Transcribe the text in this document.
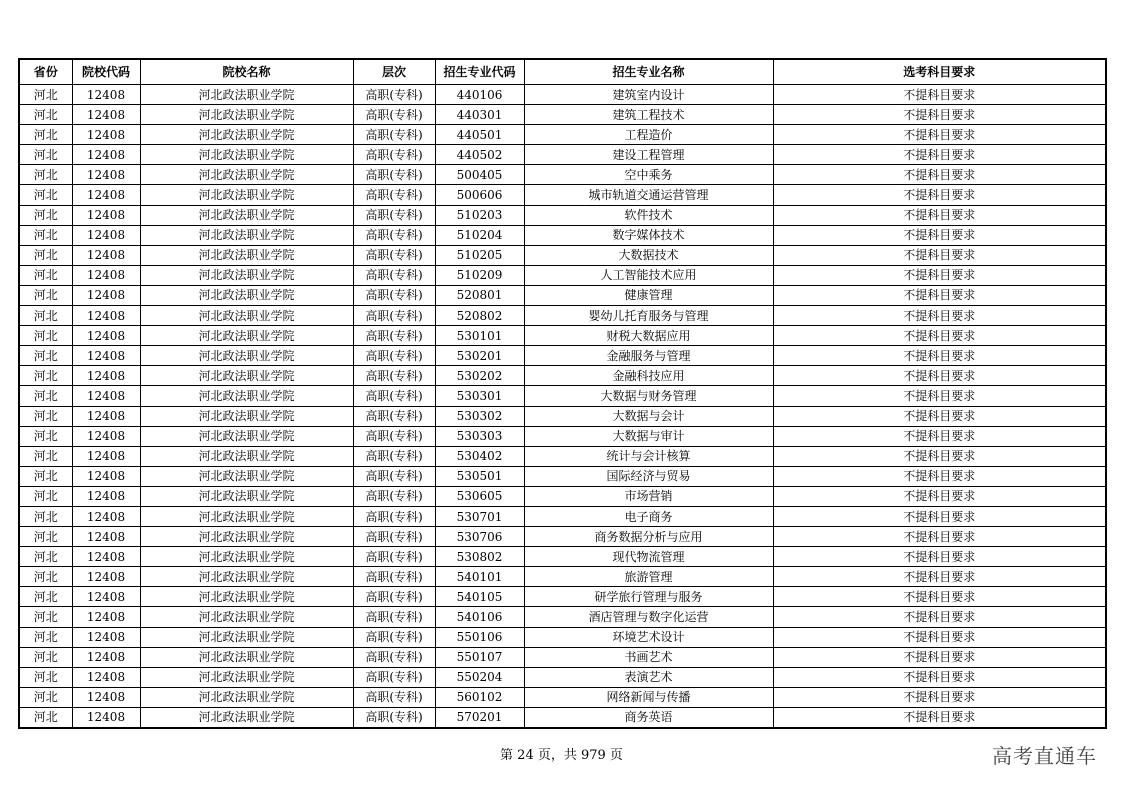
省份	院校代码	院校名称	层次	招生专业代码	招生专业名称	选考科目要求
河北	12408	河北政法职业学院	高职(专科)	440106	建筑室内设计	不提科目要求
河北	12408	河北政法职业学院	高职(专科)	440301	建筑工程技术	不提科目要求
河北	12408	河北政法职业学院	高职(专科)	440501	工程造价	不提科目要求
河北	12408	河北政法职业学院	高职(专科)	440502	建设工程管理	不提科目要求
河北	12408	河北政法职业学院	高职(专科)	500405	空中乘务	不提科目要求
河北	12408	河北政法职业学院	高职(专科)	500606	城市轨道交通运营管理	不提科目要求
河北	12408	河北政法职业学院	高职(专科)	510203	软件技术	不提科目要求
河北	12408	河北政法职业学院	高职(专科)	510204	数字媒体技术	不提科目要求
河北	12408	河北政法职业学院	高职(专科)	510205	大数据技术	不提科目要求
河北	12408	河北政法职业学院	高职(专科)	510209	人工智能技术应用	不提科目要求
河北	12408	河北政法职业学院	高职(专科)	520801	健康管理	不提科目要求
河北	12408	河北政法职业学院	高职(专科)	520802	婴幼儿托育服务与管理	不提科目要求
河北	12408	河北政法职业学院	高职(专科)	530101	财税大数据应用	不提科目要求
河北	12408	河北政法职业学院	高职(专科)	530201	金融服务与管理	不提科目要求
河北	12408	河北政法职业学院	高职(专科)	530202	金融科技应用	不提科目要求
河北	12408	河北政法职业学院	高职(专科)	530301	大数据与财务管理	不提科目要求
河北	12408	河北政法职业学院	高职(专科)	530302	大数据与会计	不提科目要求
河北	12408	河北政法职业学院	高职(专科)	530303	大数据与审计	不提科目要求
河北	12408	河北政法职业学院	高职(专科)	530402	统计与会计核算	不提科目要求
河北	12408	河北政法职业学院	高职(专科)	530501	国际经济与贸易	不提科目要求
河北	12408	河北政法职业学院	高职(专科)	530605	市场营销	不提科目要求
河北	12408	河北政法职业学院	高职(专科)	530701	电子商务	不提科目要求
河北	12408	河北政法职业学院	高职(专科)	530706	商务数据分析与应用	不提科目要求
河北	12408	河北政法职业学院	高职(专科)	530802	现代物流管理	不提科目要求
河北	12408	河北政法职业学院	高职(专科)	540101	旅游管理	不提科目要求
河北	12408	河北政法职业学院	高职(专科)	540105	研学旅行管理与服务	不提科目要求
河北	12408	河北政法职业学院	高职(专科)	540106	酒店管理与数字化运营	不提科目要求
河北	12408	河北政法职业学院	高职(专科)	550106	环境艺术设计	不提科目要求
河北	12408	河北政法职业学院	高职(专科)	550107	书画艺术	不提科目要求
河北	12408	河北政法职业学院	高职(专科)	550204	表演艺术	不提科目要求
河北	12408	河北政法职业学院	高职(专科)	560102	网络新闻与传播	不提科目要求
河北	12408	河北政法职业学院	高职(专科)	570201	商务英语	不提科目要求
第 24 页，共 979 页	高考直通车
